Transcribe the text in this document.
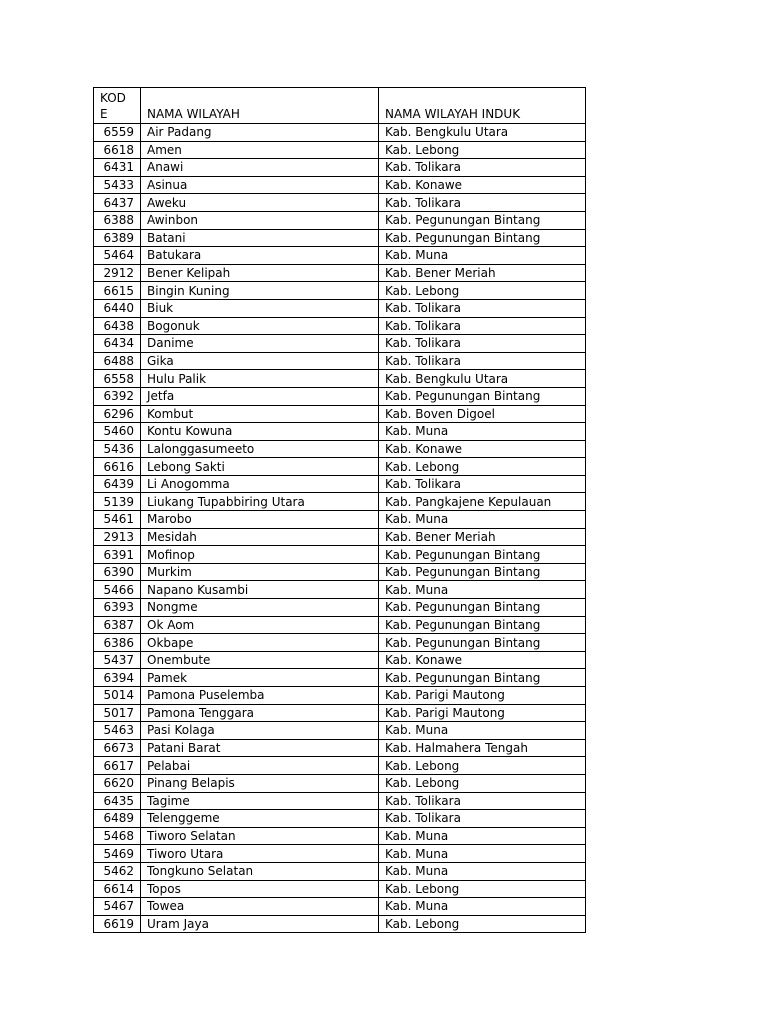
KODE	NAMA WILAYAH	NAMA WILAYAH INDUK
6559	Air Padang	Kab. Bengkulu Utara
6618	Amen	Kab. Lebong
6431	Anawi	Kab. Tolikara
5433	Asinua	Kab. Konawe
6437	Aweku	Kab. Tolikara
6388	Awinbon	Kab. Pegunungan Bintang
6389	Batani	Kab. Pegunungan Bintang
5464	Batukara	Kab. Muna
2912	Bener Kelipah	Kab. Bener Meriah
6615	Bingin Kuning	Kab. Lebong
6440	Biuk	Kab. Tolikara
6438	Bogonuk	Kab. Tolikara
6434	Danime	Kab. Tolikara
6488	Gika	Kab. Tolikara
6558	Hulu Palik	Kab. Bengkulu Utara
6392	Jetfa	Kab. Pegunungan Bintang
6296	Kombut	Kab. Boven Digoel
5460	Kontu Kowuna	Kab. Muna
5436	Lalonggasumeeto	Kab. Konawe
6616	Lebong Sakti	Kab. Lebong
6439	Li Anogomma	Kab. Tolikara
5139	Liukang Tupabbiring Utara	Kab. Pangkajene Kepulauan
5461	Marobo	Kab. Muna
2913	Mesidah	Kab. Bener Meriah
6391	Mofinop	Kab. Pegunungan Bintang
6390	Murkim	Kab. Pegunungan Bintang
5466	Napano Kusambi	Kab. Muna
6393	Nongme	Kab. Pegunungan Bintang
6387	Ok Aom	Kab. Pegunungan Bintang
6386	Okbape	Kab. Pegunungan Bintang
5437	Onembute	Kab. Konawe
6394	Pamek	Kab. Pegunungan Bintang
5014	Pamona Puselemba	Kab. Parigi Mautong
5017	Pamona Tenggara	Kab. Parigi Mautong
5463	Pasi Kolaga	Kab. Muna
6673	Patani Barat	Kab. Halmahera Tengah
6617	Pelabai	Kab. Lebong
6620	Pinang Belapis	Kab. Lebong
6435	Tagime	Kab. Tolikara
6489	Telenggeme	Kab. Tolikara
5468	Tiworo Selatan	Kab. Muna
5469	Tiworo Utara	Kab. Muna
5462	Tongkuno Selatan	Kab. Muna
6614	Topos	Kab. Lebong
5467	Towea	Kab. Muna
6619	Uram Jaya	Kab. Lebong
